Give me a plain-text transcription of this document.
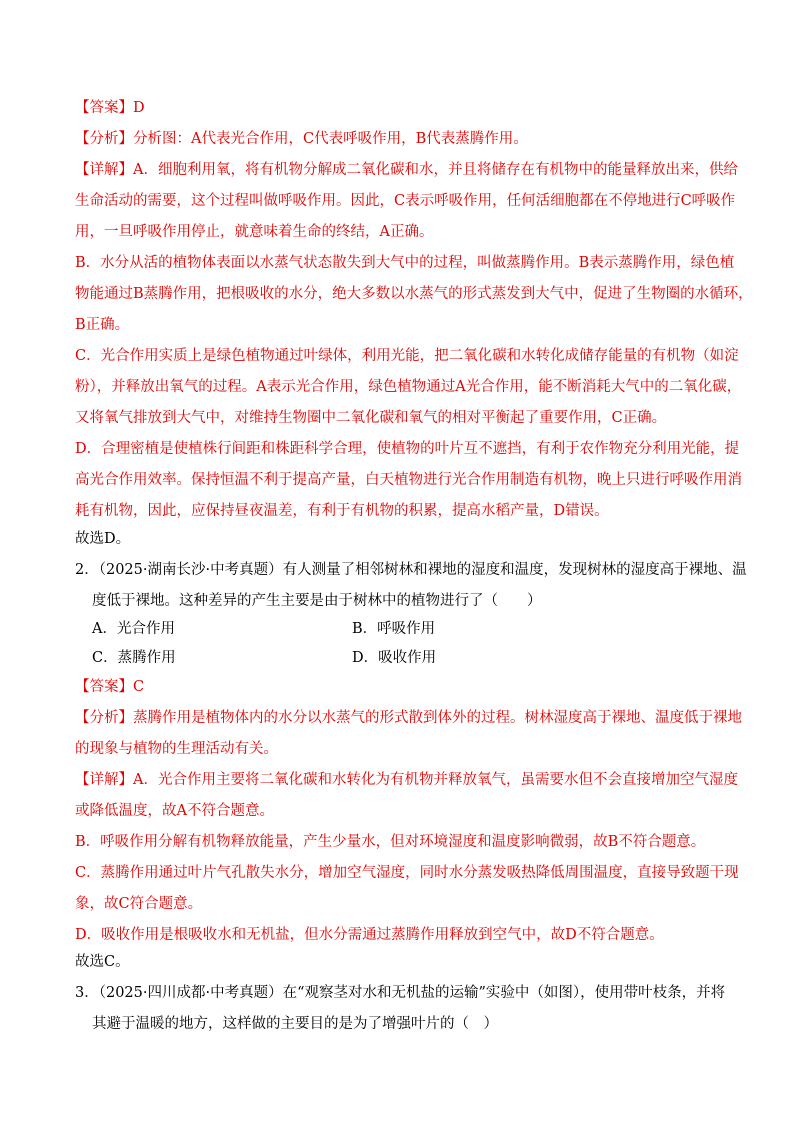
【答案】D
【分析】分析图：A代表光合作用，C代表呼吸作用，B代表蒸腾作用。
【详解】A．细胞利用氧，将有机物分解成二氧化碳和水，并且将储存在有机物中的能量释放出来，供给
生命活动的需要，这个过程叫做呼吸作用。因此，C表示呼吸作用，任何活细胞都在不停地进行C呼吸作
用，一旦呼吸作用停止，就意味着生命的终结，A正确。
B．水分从活的植物体表面以水蒸气状态散失到大气中的过程，叫做蒸腾作用。B表示蒸腾作用，绿色植
物能通过B蒸腾作用，把根吸收的水分，绝大多数以水蒸气的形式蒸发到大气中，促进了生物圈的水循环，
B正确。
C．光合作用实质上是绿色植物通过叶绿体，利用光能，把二氧化碳和水转化成储存能量的有机物（如淀
粉），并释放出氧气的过程。A表示光合作用，绿色植物通过A光合作用，能不断消耗大气中的二氧化碳，
又将氧气排放到大气中，对维持生物圈中二氧化碳和氧气的相对平衡起了重要作用，C正确。
D．合理密植是使植株行间距和株距科学合理，使植物的叶片互不遮挡，有利于农作物充分利用光能，提
高光合作用效率。保持恒温不利于提高产量，白天植物进行光合作用制造有机物，晚上只进行呼吸作用消
耗有机物，因此，应保持昼夜温差，有利于有机物的积累，提高水稻产量，D错误。
故选D。
2．（2025·湖南长沙·中考真题）有人测量了相邻树林和裸地的湿度和温度，发现树林的湿度高于裸地、温
度低于裸地。这种差异的产生主要是由于树林中的植物进行了（　　）
A．光合作用	B．呼吸作用
C．蒸腾作用	D．吸收作用
【答案】C
【分析】蒸腾作用是植物体内的水分以水蒸气的形式散到体外的过程。树林湿度高于裸地、温度低于裸地
的现象与植物的生理活动有关。
【详解】A．光合作用主要将二氧化碳和水转化为有机物并释放氧气，虽需要水但不会直接增加空气湿度
或降低温度，故A不符合题意。
B．呼吸作用分解有机物释放能量，产生少量水，但对环境湿度和温度影响微弱，故B不符合题意。
C．蒸腾作用通过叶片气孔散失水分，增加空气湿度，同时水分蒸发吸热降低周围温度，直接导致题干现
象，故C符合题意。
D．吸收作用是根吸收水和无机盐，但水分需通过蒸腾作用释放到空气中，故D不符合题意。
故选C。
3．（2025·四川成都·中考真题）在“观察茎对水和无机盐的运输”实验中（如图），使用带叶枝条，并将
其避于温暖的地方，这样做的主要目的是为了增强叶片的（　）
